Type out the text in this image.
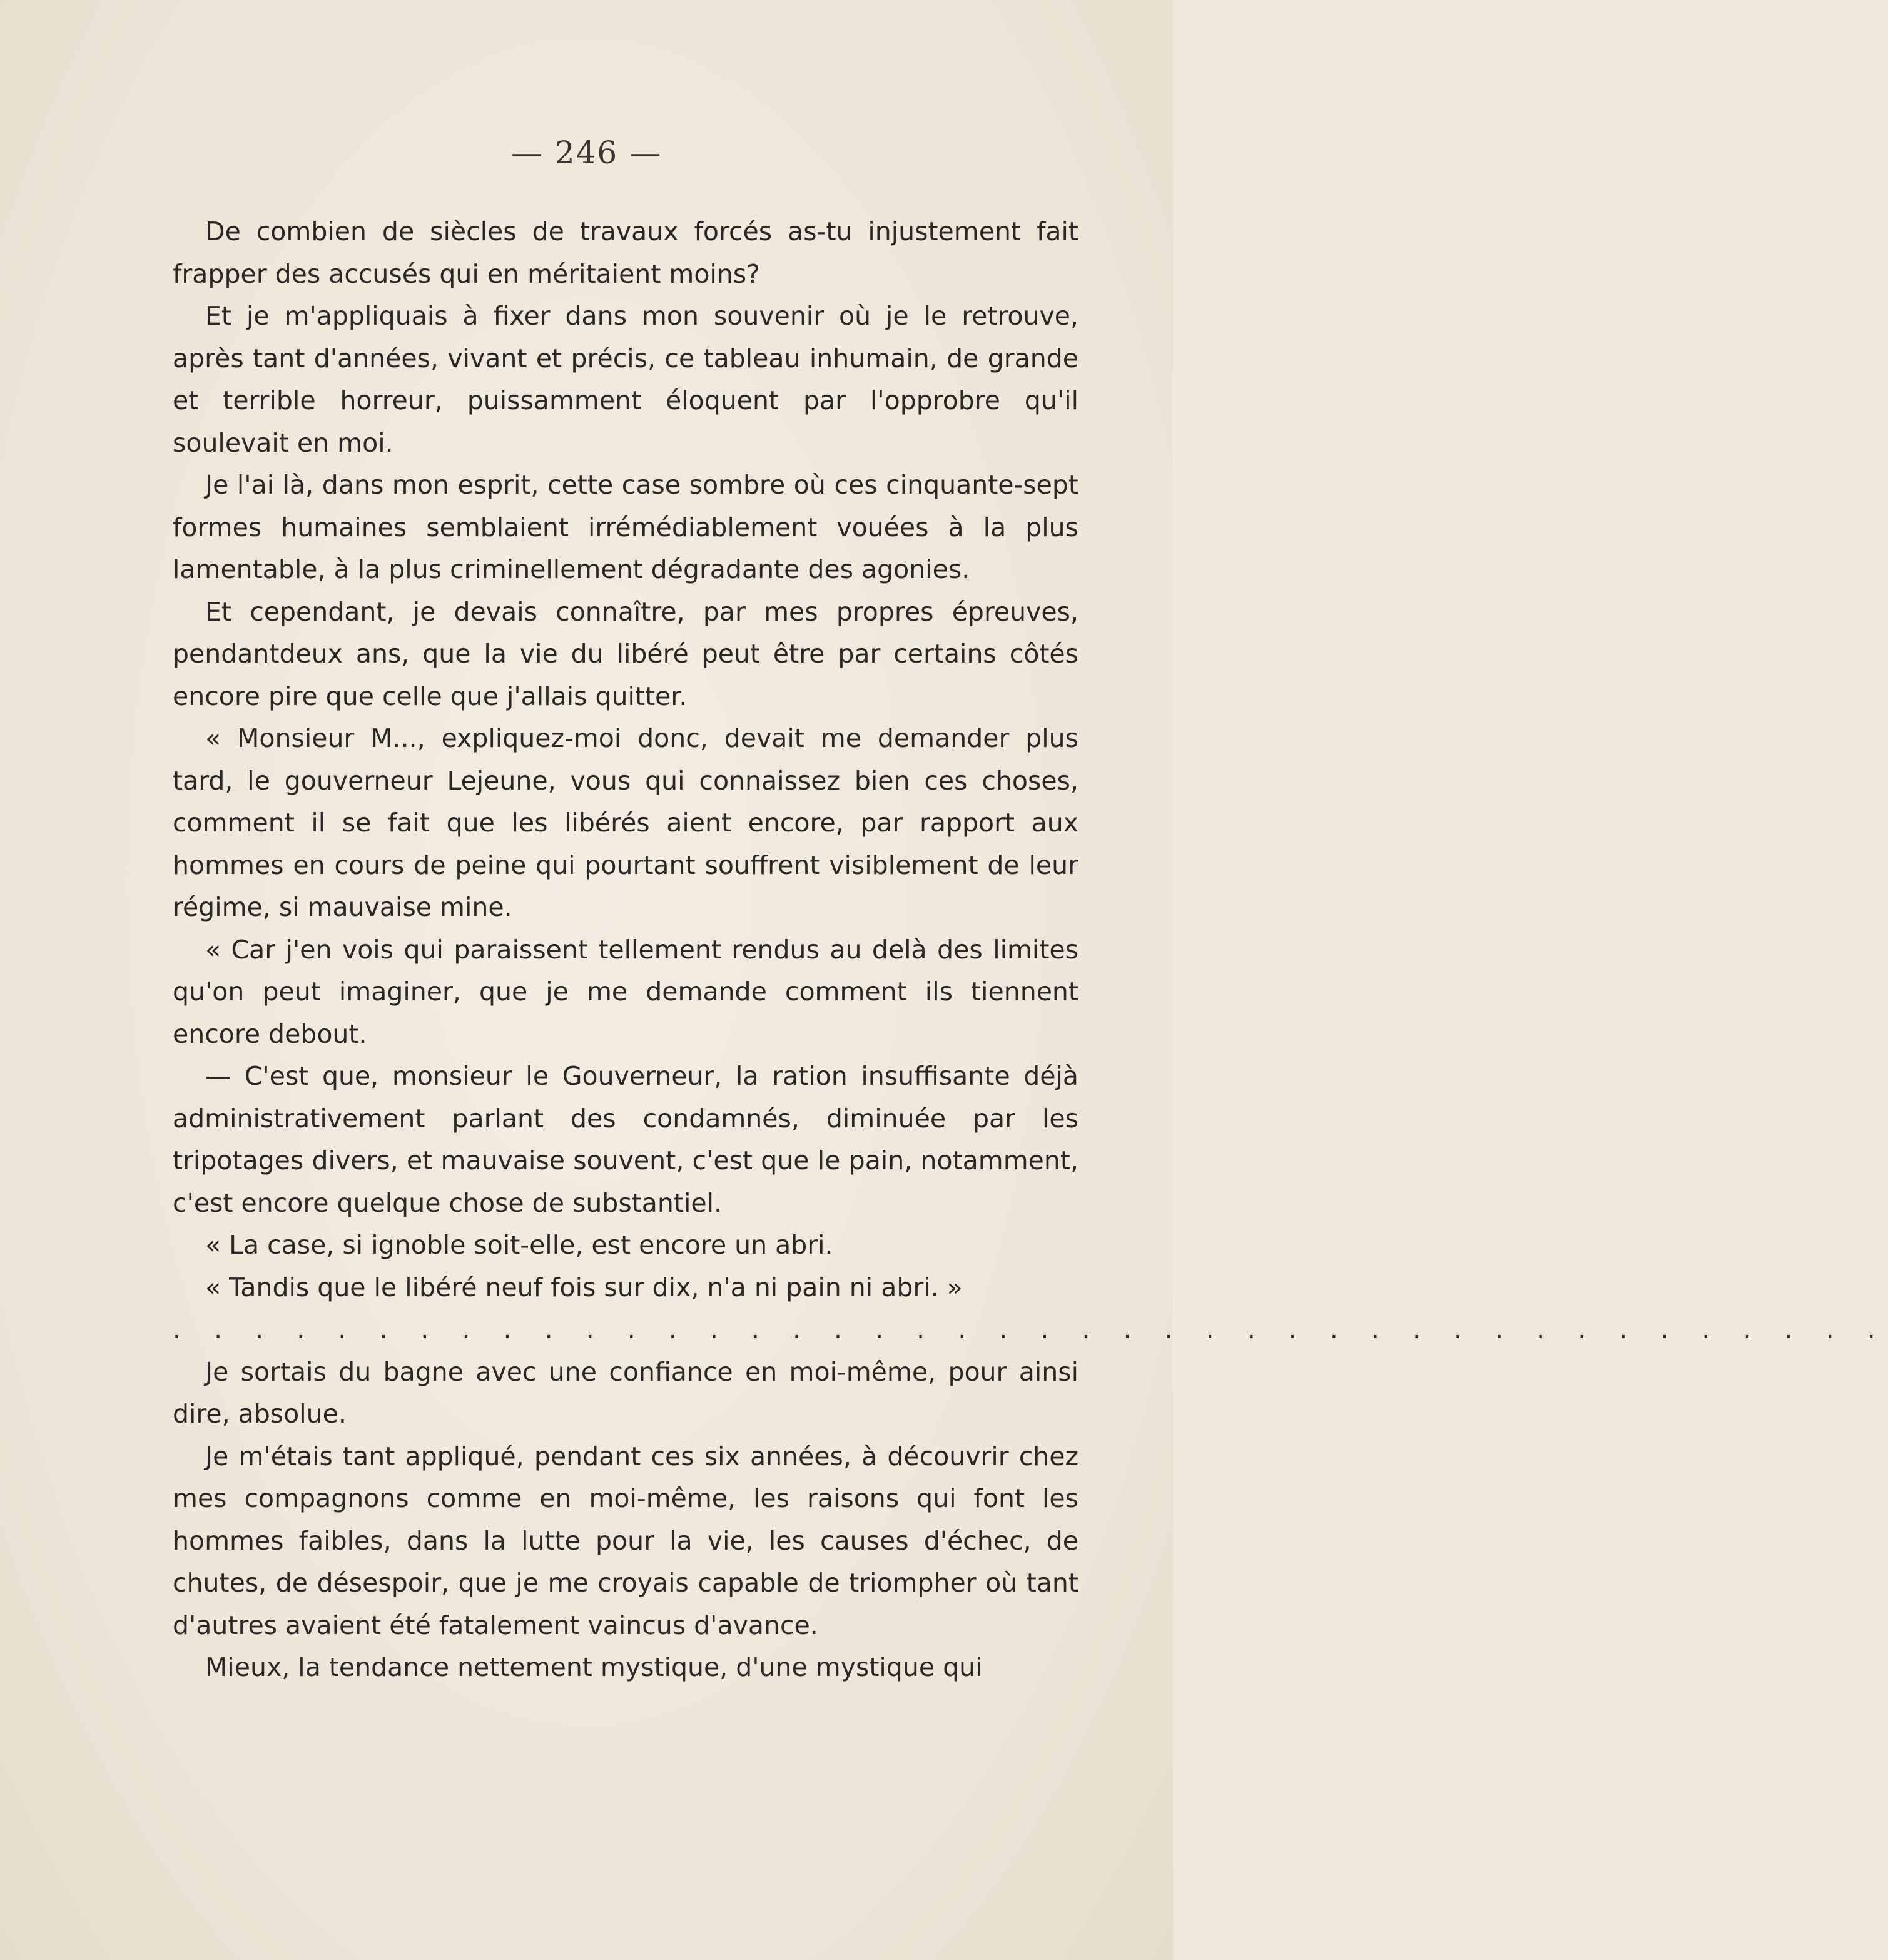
— 246 —

De combien de siècles de travaux forcés as-tu injustement fait frapper des accusés qui en méritaient moins?

Et je m'appliquais à fixer dans mon souvenir où je le retrouve, après tant d'années, vivant et précis, ce tableau inhumain, de grande et terrible horreur, puissamment éloquent par l'opprobre qu'il soulevait en moi.

Je l'ai là, dans mon esprit, cette case sombre où ces cinquante-sept formes humaines semblaient irrémédiablement vouées à la plus lamentable, à la plus criminellement dégradante des agonies.

Et cependant, je devais connaître, par mes propres épreuves, pendantdeux ans, que la vie du libéré peut être par certains côtés encore pire que celle que j'allais quitter.

« Monsieur M..., expliquez-moi donc, devait me demander plus tard, le gouverneur Lejeune, vous qui connaissez bien ces choses, comment il se fait que les libérés aient encore, par rapport aux hommes en cours de peine qui pourtant souffrent visiblement de leur régime, si mauvaise mine.

« Car j'en vois qui paraissent tellement rendus au delà des limites qu'on peut imaginer, que je me demande comment ils tiennent encore debout.

— C'est que, monsieur le Gouverneur, la ration insuffisante déjà administrativement parlant des condamnés, diminuée par les tripotages divers, et mauvaise souvent, c'est que le pain, notamment, c'est encore quelque chose de substantiel.

« La case, si ignoble soit-elle, est encore un abri.

« Tandis que le libéré neuf fois sur dix, n'a ni pain ni abri. »

. . . . . . . . . . . . . . . . . . . . . . . . . . . . . . . . . . . . . . . . . .

Je sortais du bagne avec une confiance en moi-même, pour ainsi dire, absolue.

Je m'étais tant appliqué, pendant ces six années, à découvrir chez mes compagnons comme en moi-même, les raisons qui font les hommes faibles, dans la lutte pour la vie, les causes d'échec, de chutes, de désespoir, que je me croyais capable de triompher où tant d'autres avaient été fatalement vaincus d'avance.

Mieux, la tendance nettement mystique, d'une mystique qui
